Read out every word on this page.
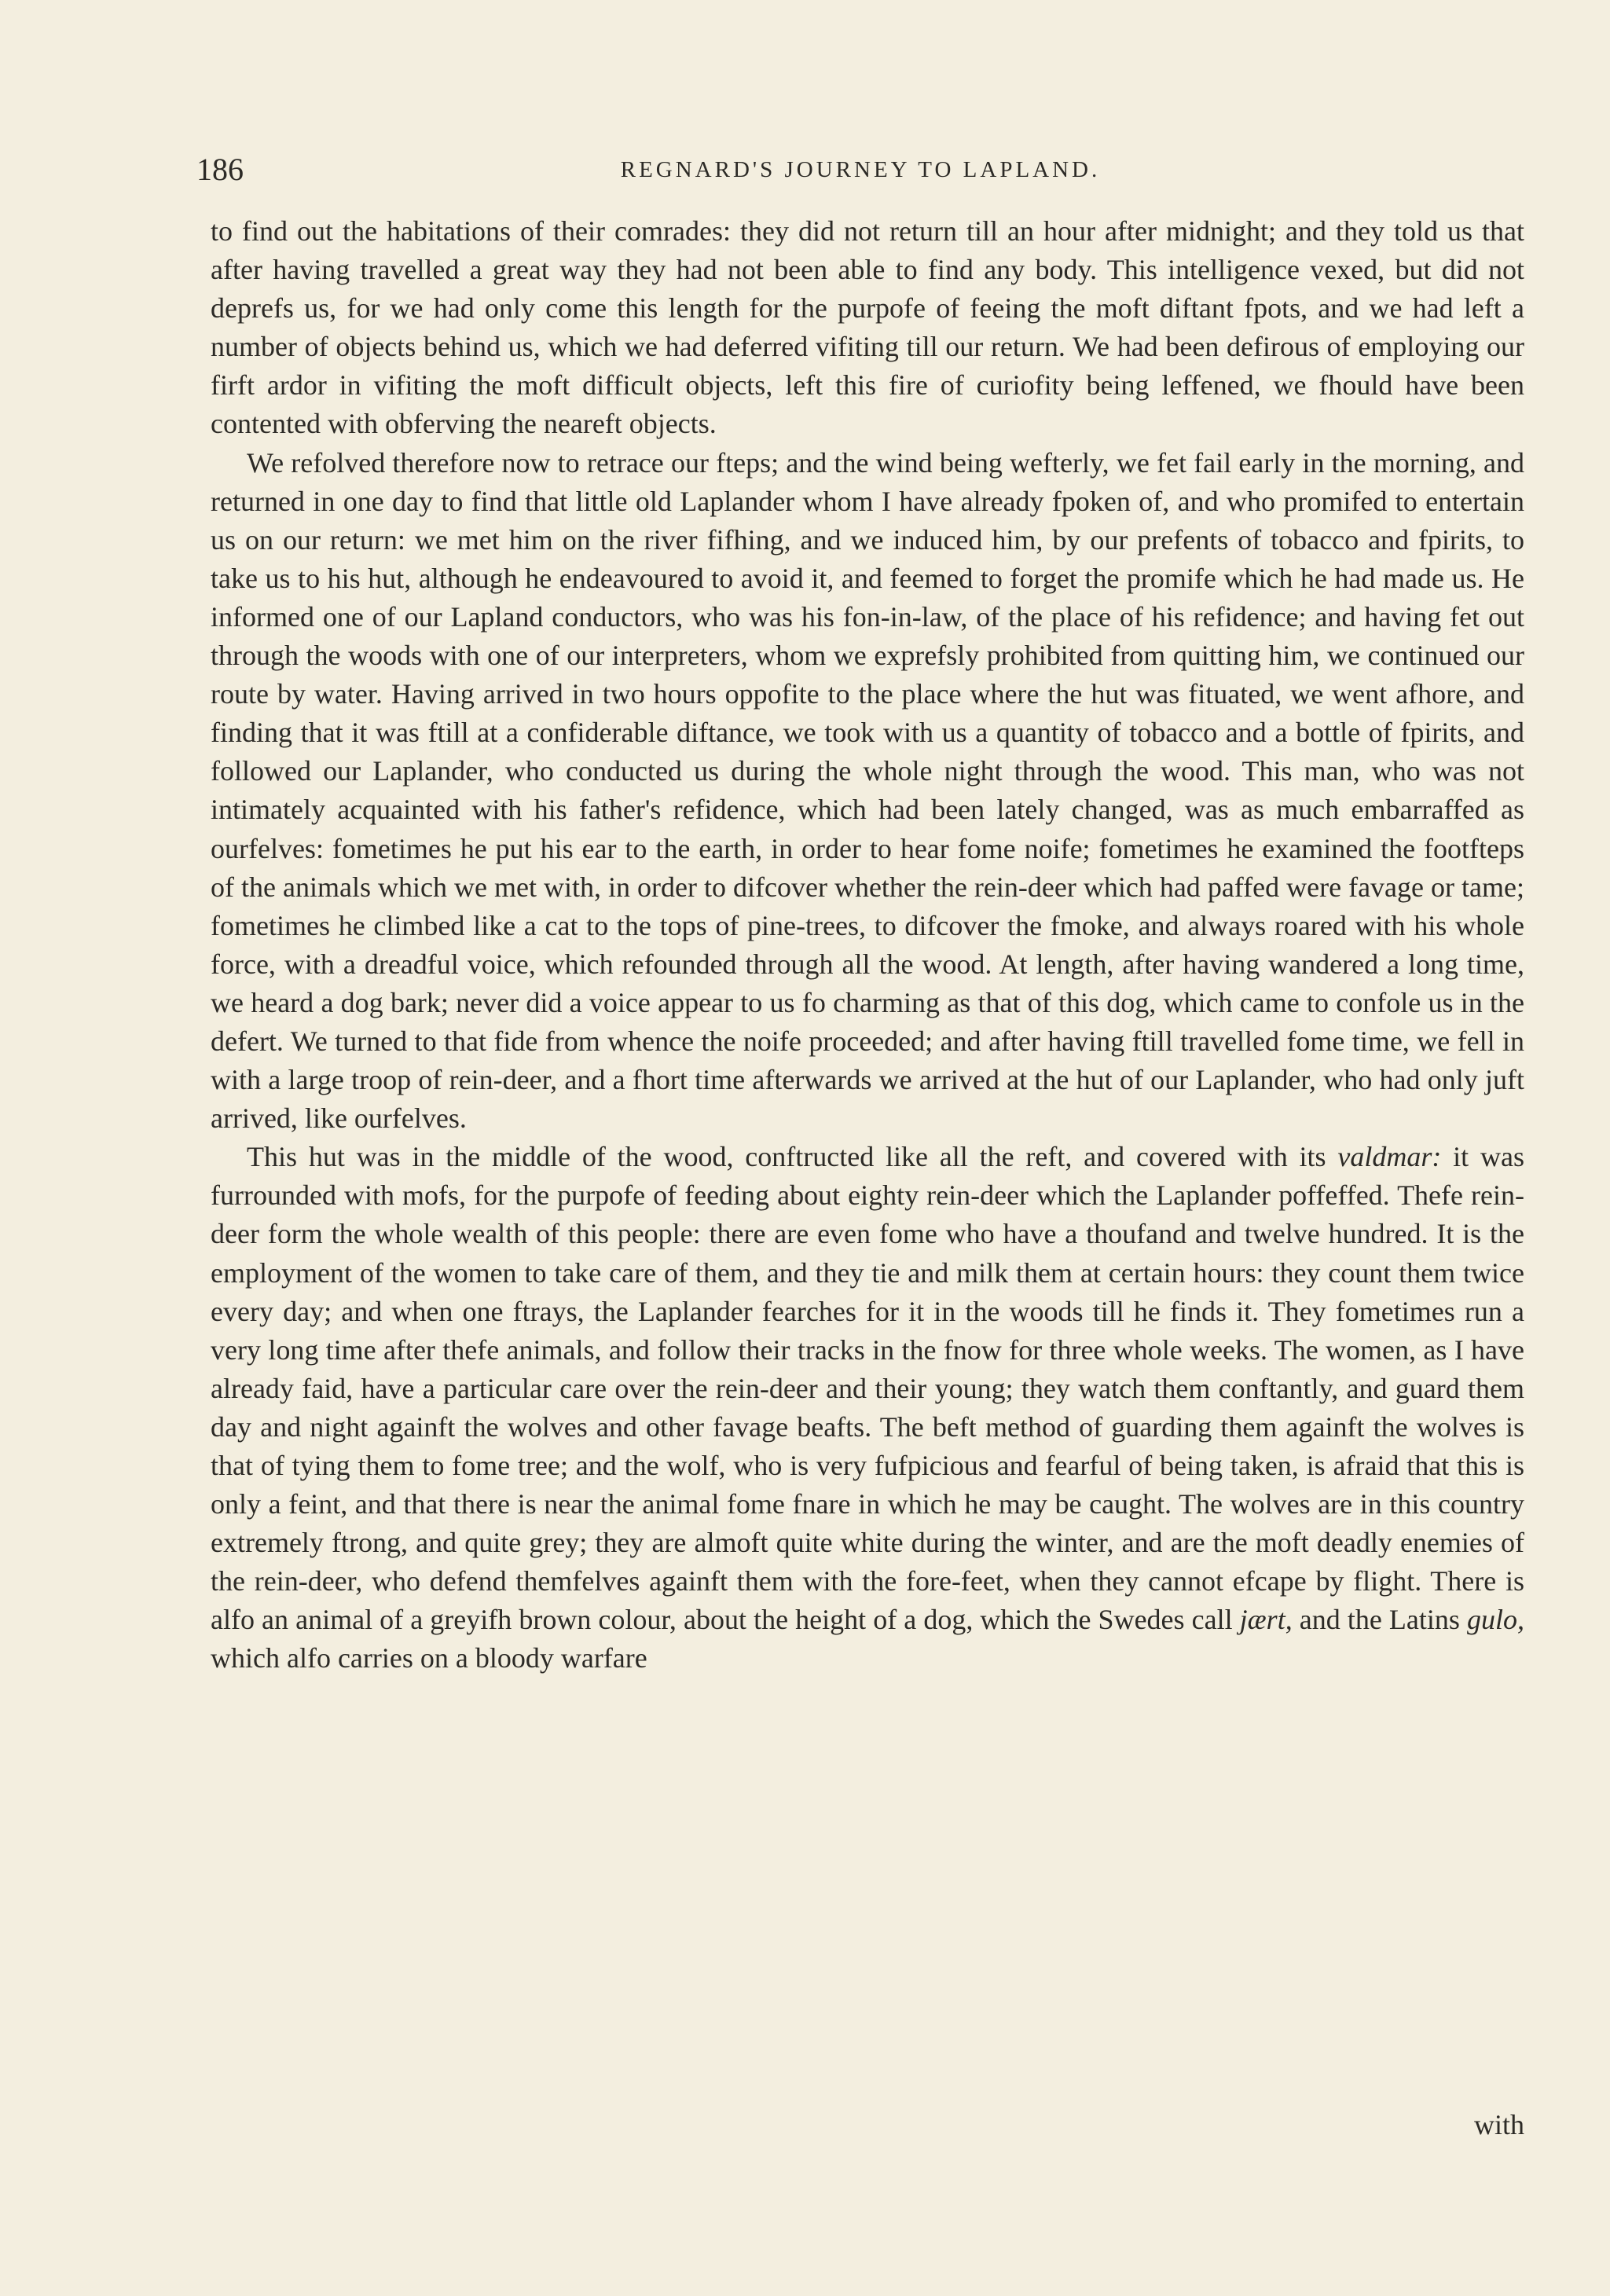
186	REGNARD'S JOURNEY TO LAPLAND.

to find out the habitations of their comrades: they did not return till an hour after midnight; and they told us that after having travelled a great way they had not been able to find any body. This intelligence vexed, but did not deprefs us, for we had only come this length for the purpofe of feeing the moft diftant fpots, and we had left a number of objects behind us, which we had deferred vifiting till our return. We had been defirous of employing our firft ardor in vifiting the moft difficult objects, left this fire of curiofity being leffened, we fhould have been contented with obferving the neareft objects.

We refolved therefore now to retrace our fteps; and the wind being wefterly, we fet fail early in the morning, and returned in one day to find that little old Laplander whom I have already fpoken of, and who promifed to entertain us on our return: we met him on the river fifhing, and we induced him, by our prefents of tobacco and fpirits, to take us to his hut, although he endeavoured to avoid it, and feemed to forget the promife which he had made us. He informed one of our Lapland conductors, who was his fon-in-law, of the place of his refidence; and having fet out through the woods with one of our interpreters, whom we exprefsly prohibited from quitting him, we continued our route by water. Having arrived in two hours oppofite to the place where the hut was fituated, we went afhore, and finding that it was ftill at a confiderable diftance, we took with us a quantity of tobacco and a bottle of fpirits, and followed our Laplander, who conducted us during the whole night through the wood. This man, who was not intimately acquainted with his father's refidence, which had been lately changed, was as much embarraffed as ourfelves: fometimes he put his ear to the earth, in order to hear fome noife; fometimes he examined the footfteps of the animals which we met with, in order to difcover whether the rein-deer which had paffed were favage or tame; fometimes he climbed like a cat to the tops of pine-trees, to difcover the fmoke, and always roared with his whole force, with a dreadful voice, which refounded through all the wood. At length, after having wandered a long time, we heard a dog bark; never did a voice appear to us fo charming as that of this dog, which came to confole us in the defert. We turned to that fide from whence the noife proceeded; and after having ftill travelled fome time, we fell in with a large troop of rein-deer, and a fhort time afterwards we arrived at the hut of our Laplander, who had only juft arrived, like ourfelves.

This hut was in the middle of the wood, conftructed like all the reft, and covered with its valdmar: it was furrounded with mofs, for the purpofe of feeding about eighty rein-deer which the Laplander poffeffed. Thefe rein-deer form the whole wealth of this people: there are even fome who have a thoufand and twelve hundred. It is the employment of the women to take care of them, and they tie and milk them at certain hours: they count them twice every day; and when one ftrays, the Laplander fearches for it in the woods till he finds it. They fometimes run a very long time after thefe animals, and follow their tracks in the fnow for three whole weeks. The women, as I have already faid, have a particular care over the rein-deer and their young; they watch them conftantly, and guard them day and night againft the wolves and other favage beafts. The beft method of guarding them againft the wolves is that of tying them to fome tree; and the wolf, who is very fufpicious and fearful of being taken, is afraid that this is only a feint, and that there is near the animal fome fnare in which he may be caught. The wolves are in this country extremely ftrong, and quite grey; they are almoft quite white during the winter, and are the moft deadly enemies of the rein-deer, who defend themfelves againft them with the fore-feet, when they cannot efcape by flight. There is alfo an animal of a greyifh brown colour, about the height of a dog, which the Swedes call jært, and the Latins gulo, which alfo carries on a bloody warfare

with
